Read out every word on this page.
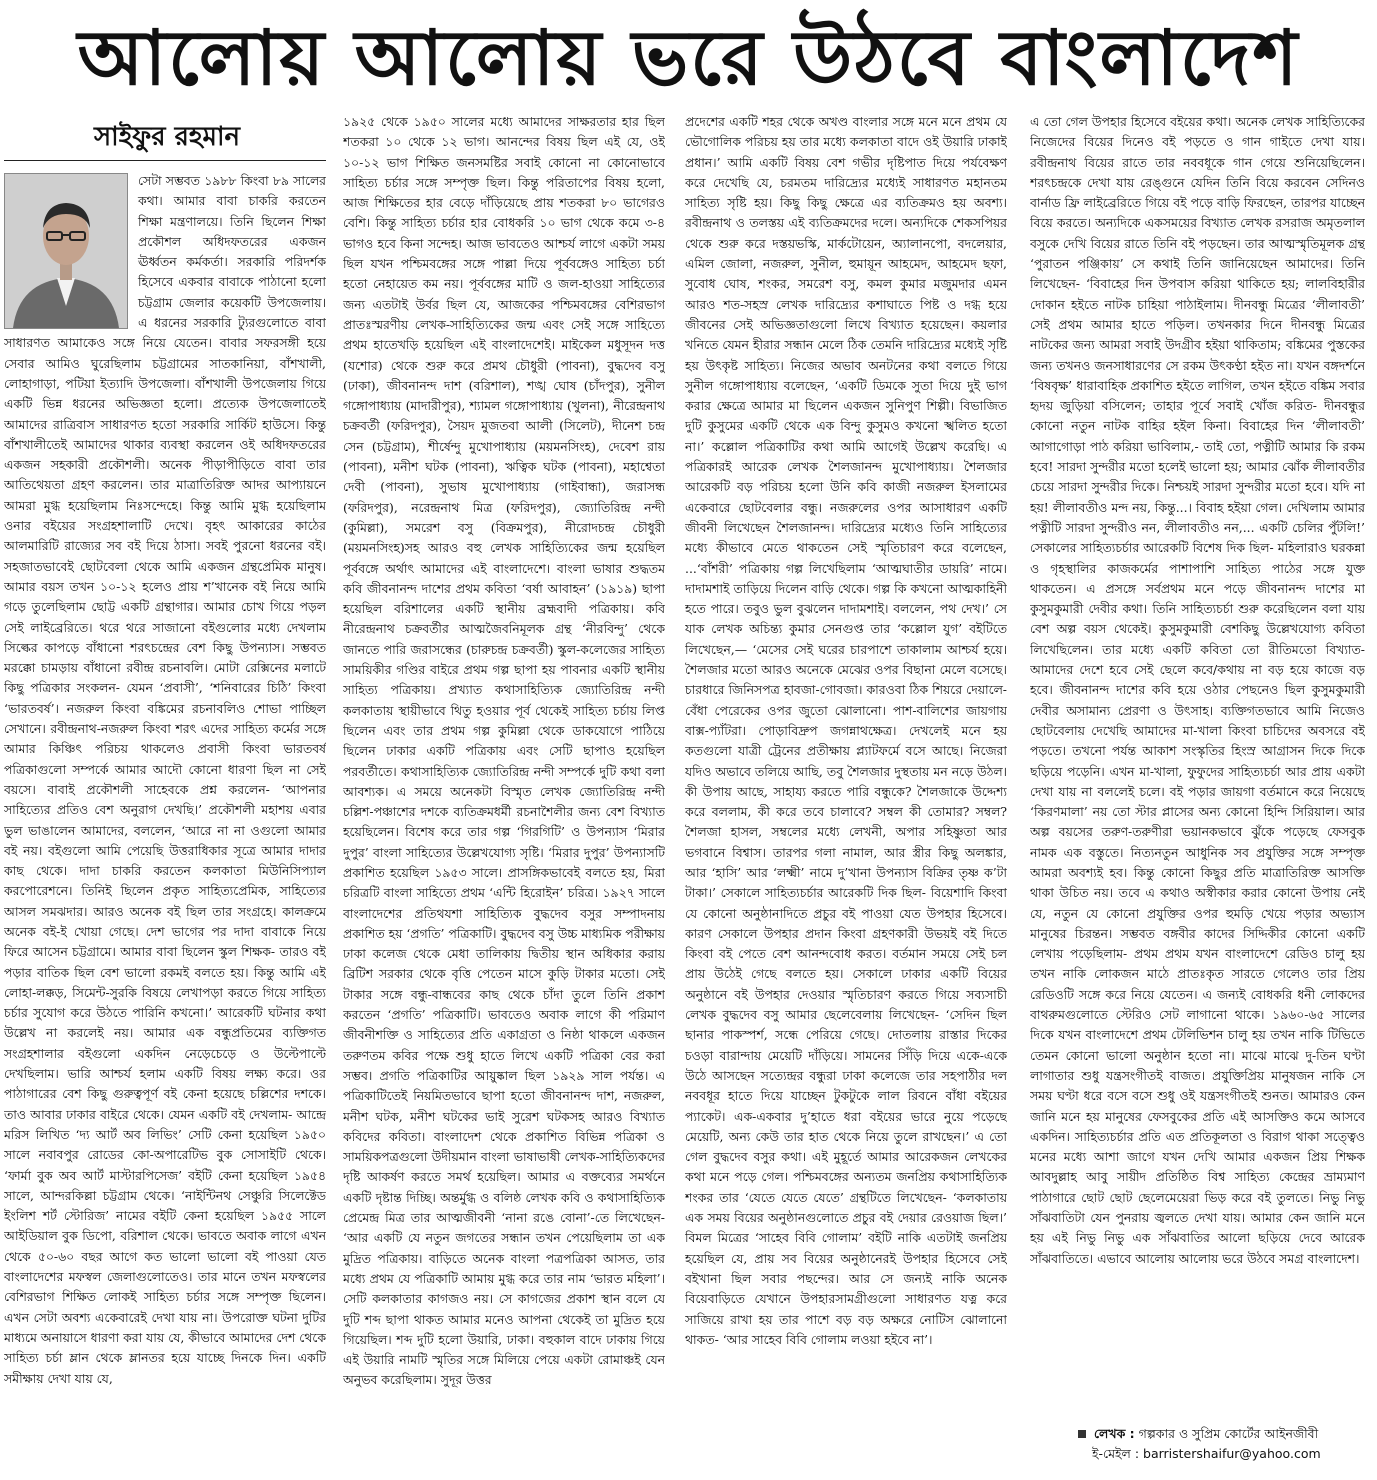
আলোয় আলোয় ভরে উঠবে বাংলাদেশ
সাইফুর রহমান

সেটা সম্ভবত ১৯৮৮ কিংবা ৮৯ সালের কথা। আমার বাবা চাকরি করতেন শিক্ষা মন্ত্রণালয়ে। তিনি ছিলেন শিক্ষা প্রকৌশল অধিদফতরের একজন ঊর্ধ্বতন কর্মকর্তা। সরকারি পরিদর্শক হিসেবে একবার বাবাকে পাঠানো হলো চট্টগ্রাম জেলার কয়েকটি উপজেলায়। এ ধরনের সরকারি ট্যুরগুলোতে বাবা সাধারণত আমাকেও সঙ্গে নিয়ে যেতেন। বাবার সফরসঙ্গী হয়ে সেবার আমিও ঘুরেছিলাম চট্টগ্রামের সাতকানিয়া, বাঁশখালী, লোহাগাড়া, পটিয়া ইত্যাদি উপজেলা। বাঁশখালী উপজেলায় গিয়ে একটি ভিন্ন ধরনের অভিজ্ঞতা হলো। প্রত্যেক উপজেলাতেই আমাদের রাত্রিবাস সাধারণত হতো সরকারি সার্কিট হাউসে। কিন্তু বাঁশখালীতেই আমাদের থাকার ব্যবস্থা করলেন ওই অধিদফতরের একজন সহকারী প্রকৌশলী। অনেক পীড়াপীড়িতে বাবা তার আতিথেয়তা গ্রহণ করলেন। তার মাত্রাতিরিক্ত আদর আপ্যায়নে আমরা মুগ্ধ হয়েছিলাম নিঃসন্দেহে। কিন্তু আমি মুগ্ধ হয়েছিলাম ওনার বইয়ের সংগ্রহশালাটি দেখে। বৃহৎ আকারের কাঠের আলমারিটি রাজ্যের সব বই দিয়ে ঠাসা। সবই পুরনো ধরনের বই। সহজাতভাবেই ছোটবেলা থেকে আমি একজন গ্রন্থপ্রেমিক মানুষ। আমার বয়স তখন ১০-১২ হলেও প্রায় শ’খানেক বই নিয়ে আমি গড়ে তুলেছিলাম ছোট্ট একটি গ্রন্থাগার। আমার চোখ গিয়ে পড়ল সেই লাইব্রেরিতে। থরে থরে সাজানো বইগুলোর মধ্যে দেখলাম সিল্কের কাপড়ে বাঁধানো শরৎচন্দ্রের বেশ কিছু উপন্যাস। সম্ভবত মরক্কো চামড়ায় বাঁধানো রবীন্দ্র রচনাবলি। মোটা রেক্সিনের মলাটে কিছু পত্রিকার সংকলন- যেমন ‘প্রবাসী’, ‘শনিবারের চিঠি’ কিংবা ‘ভারতবর্ষ’। নজরুল কিংবা বঙ্কিমের রচনাবলিও শোভা পাচ্ছিল সেখানে। রবীন্দ্রনাথ-নজরুল কিংবা শরৎ এদের সাহিত্য কর্মের সঙ্গে আমার কিঞ্চিৎ পরিচয় থাকলেও প্রবাসী কিংবা ভারতবর্ষ পত্রিকাগুলো সম্পর্কে আমার আদৌ কোনো ধারণা ছিল না সেই বয়সে। বাবাই প্রকৌশলী সাহেবকে প্রশ্ন করলেন- ‘আপনার সাহিত্যের প্রতিও বেশ অনুরাগ দেখছি।’ প্রকৌশলী মহাশয় এবার ভুল ভাঙালেন আমাদের, বললেন, ‘আরে না না ওগুলো আমার বই নয়। বইগুলো আমি পেয়েছি উত্তরাধিকার সূত্রে আমার দাদার কাছ থেকে। দাদা চাকরি করতেন কলকাতা মিউনিসিপ্যাল করপোরেশনে। তিনিই ছিলেন প্রকৃত সাহিত্যপ্রেমিক, সাহিত্যের আসল সমঝদার। আরও অনেক বই ছিল তার সংগ্রহে। কালক্রমে অনেক বই-ই খোয়া গেছে। দেশ ভাগের পর দাদা বাবাকে নিয়ে ফিরে আসেন চট্টগ্রামে। আমার বাবা ছিলেন স্কুল শিক্ষক- তারও বই পড়ার বাতিক ছিল বেশ ভালো রকমই বলতে হয়। কিন্তু আমি এই লোহা-লক্কড়, সিমেন্ট-সুরকি বিষয়ে লেখাপড়া করতে গিয়ে সাহিত্য চর্চার সুযোগ করে উঠতে পারিনি কখনো।’ আরেকটি ঘটনার কথা উল্লেখ না করলেই নয়। আমার এক বন্ধুপ্রতিমের ব্যক্তিগত সংগ্রহশালার বইগুলো একদিন নেড়েচেড়ে ও উল্টেপাল্টে দেখছিলাম। ভারি আশ্চর্য হলাম একটি বিষয় লক্ষ্য করে। ওর পাঠাগারের বেশ কিছু গুরুত্বপূর্ণ বই কেনা হয়েছে চল্লিশের দশকে। তাও আবার ঢাকার বাইরে থেকে। যেমন একটি বই দেখলাম- আন্দ্রে মরিস লিখিত ‘দ্য আর্ট অব লিভিং’ সেটি কেনা হয়েছিল ১৯৫০ সালে নবাবপুর রোডের কো-অপারেটিভ বুক সোসাইটি থেকে। ‘ফার্মা বুক অব আর্ট মাস্টারপিসেজ’ বইটি কেনা হয়েছিল ১৯৫৪ সালে, আন্দরকিল্লা চট্টগ্রাম থেকে। ‘নাইন্টিনথ সেঞ্চুরি সিলেক্টেড ইংলিশ শর্ট স্টোরিজ’ নামের বইটি কেনা হয়েছিল ১৯৫৫ সালে আইডিয়াল বুক ডিপো, বরিশাল থেকে। ভাবতে অবাক লাগে এখন থেকে ৫০-৬০ বছর আগে কত ভালো ভালো বই পাওয়া যেত বাংলাদেশের মফস্বল জেলাগুলোতেও। তার মানে তখন মফস্বলের বেশিরভাগ শিক্ষিত লোকই সাহিত্য চর্চার সঙ্গে সম্পৃক্ত ছিলেন। এখন সেটা অবশ্য একেবারেই দেখা যায় না। উপরোক্ত ঘটনা দুটির মাধ্যমে অনায়াসে ধারণা করা যায় যে, কীভাবে আমাদের দেশ থেকে সাহিত্য চর্চা ম্লান থেকে ম্লানতর হয়ে যাচ্ছে দিনকে দিন। একটি সমীক্ষায় দেখা যায় যে,

১৯২৫ থেকে ১৯৫০ সালের মধ্যে আমাদের সাক্ষরতার হার ছিল শতকরা ১০ থেকে ১২ ভাগ। আনন্দের বিষয় ছিল এই যে, ওই ১০-১২ ভাগ শিক্ষিত জনসমষ্টির সবাই কোনো না কোনোভাবে সাহিত্য চর্চার সঙ্গে সম্পৃক্ত ছিল। কিন্তু পরিতাপের বিষয় হলো, আজ শিক্ষিতের হার বেড়ে দাঁড়িয়েছে প্রায় শতকরা ৮০ ভাগেরও বেশি। কিন্তু সাহিত্য চর্চার হার বোধকরি ১০ ভাগ থেকে কমে ৩-৪ ভাগও হবে কিনা সন্দেহ। আজ ভাবতেও আশ্চর্য লাগে একটা সময় ছিল যখন পশ্চিমবঙ্গের সঙ্গে পাল্লা দিয়ে পূর্ববঙ্গেও সাহিত্য চর্চা হতো নেহায়েত কম নয়। পূর্ববঙ্গের মাটি ও জল-হাওয়া সাহিত্যের জন্য এতটাই উর্বর ছিল যে, আজকের পশ্চিমবঙ্গের বেশিরভাগ প্রাতঃস্মরণীয় লেখক-সাহিত্যিকের জন্ম এবং সেই সঙ্গে সাহিত্যে প্রথম হাতেখড়ি হয়েছিল এই বাংলাদেশেই। মাইকেল মধুসূদন দত্ত (যশোর) থেকে শুরু করে প্রমথ চৌধুরী (পাবনা), বুদ্ধদেব বসু (ঢাকা), জীবনানন্দ দাশ (বরিশাল), শঙ্খ ঘোষ (চাঁদপুর), সুনীল গঙ্গোপাধ্যায় (মাদারীপুর), শ্যামল গঙ্গোপাধ্যায় (খুলনা), নীরেন্দ্রনাথ চক্রবর্তী (ফরিদপুর), সৈয়দ মুজতবা আলী (সিলেট), দীনেশ চন্দ্র সেন (চট্টগ্রাম), শীর্ষেন্দু মুখোপাধ্যায় (ময়মনসিংহ), দেবেশ রায় (পাবনা), মনীশ ঘটক (পাবনা), ঋত্বিক ঘটক (পাবনা), মহাশ্বেতা দেবী (পাবনা), সুভাষ মুখোপাধ্যায় (গাইবান্ধা), জরাসন্ধ (ফরিদপুর), নরেন্দ্রনাথ মিত্র (ফরিদপুর), জ্যোতিরিন্দ্র নন্দী (কুমিল্লা), সমরেশ বসু (বিক্রমপুর), নীরোদচন্দ্র চৌধুরী (ময়মনসিংহ)সহ আরও বহু লেখক সাহিত্যিকের জন্ম হয়েছিল পূর্ববঙ্গে অর্থাৎ আমাদের এই বাংলাদেশে। বাংলা ভাষার শুদ্ধতম কবি জীবনানন্দ দাশের প্রথম কবিতা ‘বর্ষা আবাহন’ (১৯১৯) ছাপা হয়েছিল বরিশালের একটি স্থানীয় ব্রহ্মবাদী পত্রিকায়। কবি নীরেন্দ্রনাথ চক্রবর্তীর আত্মজৈবনিমূলক গ্রন্থ ‘নীরবিন্দু’ থেকে জানতে পারি জরাসন্ধের (চারুচন্দ্র চক্রবর্তী) স্কুল-কলেজের সাহিত্য সাময়িকীর গণ্ডির বাইরে প্রথম গল্প ছাপা হয় পাবনার একটি স্থানীয় সাহিত্য পত্রিকায়। প্রখ্যাত কথাসাহিত্যিক জ্যোতিরিন্দ্র নন্দী কলকাতায় স্থায়ীভাবে থিতু হওয়ার পূর্ব থেকেই সাহিত্য চর্চায় লিপ্ত ছিলেন এবং তার প্রথম গল্প কুমিল্লা থেকে ডাকযোগে পাঠিয়ে ছিলেন ঢাকার একটি পত্রিকায় এবং সেটি ছাপাও হয়েছিল পরবর্তীতে। কথাসাহিত্যিক জ্যোতিরিন্দ্র নন্দী সম্পর্কে দুটি কথা বলা আবশ্যক। এ সময়ে অনেকটা বিস্মৃত লেখক জ্যোতিরিন্দ্র নন্দী চল্লিশ-পঞ্চাশের দশকে ব্যতিক্রমধর্মী রচনাশৈলীর জন্য বেশ বিখ্যাত হয়েছিলেন। বিশেষ করে তার গল্প ‘গিরগিটি’ ও উপন্যাস ‘মিরার দুপুর’ বাংলা সাহিত্যের উল্লেখযোগ্য সৃষ্টি। ‘মিরার দুপুর’ উপন্যাসটি প্রকাশিত হয়েছিল ১৯৫৩ সালে। প্রাসঙ্গিকভাবেই বলতে হয়, মিরা চরিত্রটি বাংলা সাহিত্যে প্রথম ‘এন্টি হিরোইন’ চরিত্র। ১৯২৭ সালে বাংলাদেশের প্রতিথযশা সাহিত্যিক বুদ্ধদেব বসুর সম্পাদনায় প্রকাশিত হয় ‘প্রগতি’ পত্রিকাটি। বুদ্ধদেব বসু উচ্চ মাধ্যমিক পরীক্ষায় ঢাকা কলেজ থেকে মেধা তালিকায় দ্বিতীয় স্থান অধিকার করায় ব্রিটিশ সরকার থেকে বৃত্তি পেতেন মাসে কুড়ি টাকার মতো। সেই টাকার সঙ্গে বন্ধু-বান্ধবের কাছ থেকে চাঁদা তুলে তিনি প্রকাশ করতেন ‘প্রগতি’ পত্রিকাটি। ভাবতেও অবাক লাগে কী পরিমাণ জীবনীশক্তি ও সাহিত্যের প্রতি একাগ্রতা ও নিষ্ঠা থাকলে একজন তরুণতম কবির পক্ষে শুধু হাতে লিখে একটি পত্রিকা বের করা সম্ভব। প্রগতি পত্রিকাটির আয়ুষ্কাল ছিল ১৯২৯ সাল পর্যন্ত। এ পত্রিকাটিতেই নিয়মিতভাবে ছাপা হতো জীবনানন্দ দাশ, নজরুল, মনীশ ঘটক, মনীশ ঘটকের ভাই সুরেশ ঘটকসহ আরও বিখ্যাত কবিদের কবিতা। বাংলাদেশ থেকে প্রকাশিত বিভিন্ন পত্রিকা ও সাময়িকপত্রগুলো উদীয়মান বাংলা ভাষাভাষী লেখক-সাহিত্যিকদের দৃষ্টি আকর্ষণ করতে সমর্থ হয়েছিল। আমার এ বক্তব্যের সমর্থনে একটি দৃষ্টান্ত দিচ্ছি। অন্তর্মুগ্ধ ও বলিষ্ঠ লেখক কবি ও কথাসাহিত্যিক প্রেমেন্দ্র মিত্র তার আত্মজীবনী ‘নানা রঙে বোনা’-তে লিখেছেন- ‘আর একটি যে নতুন জগতের সন্ধান তখন পেয়েছিলাম তা এক মুদ্রিত পত্রিকায়। বাড়িতে অনেক বাংলা পত্রপত্রিকা আসত, তার মধ্যে প্রথম যে পত্রিকাটি আমায় মুগ্ধ করে তার নাম ‘ভারত মহিলা’। সেটি কলকাতার কাগজও নয়। সে কাগজের প্রকাশ স্থান বলে যে দুটি শব্দ ছাপা থাকত আমার মনেও আপনা থেকেই তা মুদ্রিত হয়ে গিয়েছিল। শব্দ দুটি হলো উয়ারি, ঢাকা। বহুকাল বাদে ঢাকায় গিয়ে এই উয়ারি নামটি স্মৃতির সঙ্গে মিলিয়ে পেয়ে একটা রোমাঞ্চই যেন অনুভব করেছিলাম। সুদূর উত্তর

প্রদেশের একটি শহর থেকে অখণ্ড বাংলার সঙ্গে মনে মনে প্রথম যে ভৌগোলিক পরিচয় হয় তার মধ্যে কলকাতা বাদে ওই উয়ারি ঢাকাই প্রধান।’ আমি একটি বিষয় বেশ গভীর দৃষ্টিপাত দিয়ে পর্যবেক্ষণ করে দেখেছি যে, চরমতম দারিদ্র্যের মধ্যেই সাধারণত মহানতম সাহিত্য সৃষ্টি হয়। কিছু কিছু ক্ষেত্রে এর ব্যতিক্রমও হয় অবশ্য। রবীন্দ্রনাথ ও তলস্তয় এই ব্যতিক্রমদের দলে। অন্যদিকে শেকসপিয়র থেকে শুরু করে দস্তয়ভস্কি, মার্কটোয়েন, অ্যালানপো, বদলেয়ার, এমিল জোলা, নজরুল, সুনীল, হুমায়ূন আহমেদ, আহমেদ ছফা, সুবোধ ঘোষ, শংকর, সমরেশ বসু, কমল কুমার মজুমদার এমন আরও শত-সহস্র লেখক দারিদ্র্যের কশাঘাতে পিষ্ট ও দগ্ধ হয়ে জীবনের সেই অভিজ্ঞতাগুলো লিখে বিখ্যাত হয়েছেন। কয়লার খনিতে যেমন হীরার সন্ধান মেলে ঠিক তেমনি দারিদ্র্যের মধ্যেই সৃষ্টি হয় উৎকৃষ্ট সাহিত্য। নিজের অভাব অনটনের কথা বলতে গিয়ে সুনীল গঙ্গোপাধ্যায় বলেছেন, ‘একটি ডিমকে সুতা দিয়ে দুই ভাগ করার ক্ষেত্রে আমার মা ছিলেন একজন সুনিপুণ শিল্পী। বিভাজিত দুটি কুসুমের একটি থেকে এক বিন্দু কুসুমও কখনো স্খলিত হতো না।’ কল্লোল পত্রিকাটির কথা আমি আগেই উল্লেখ করেছি। এ পত্রিকারই আরেক লেখক শৈলজানন্দ মুখোপাধ্যায়। শৈলজার আরেকটি বড় পরিচয় হলো উনি কবি কাজী নজরুল ইসলামের একেবারে ছোটবেলার বন্ধু। নজরুলের ওপর আসাধারণ একটি জীবনী লিখেছেন শৈলজানন্দ। দারিদ্র্যের মধ্যেও তিনি সাহিত্যের মধ্যে কীভাবে মেতে থাকতেন সেই স্মৃতিচারণ করে বলেছেন, ...‘বাঁশরী’ পত্রিকায় গল্প লিখেছিলাম ‘আত্মঘাতীর ডায়রি’ নামে। দাদামশাই তাড়িয়ে দিলেন বাড়ি থেকে। গল্প কি কখনো আত্মকাহিনী হতে পারে। তবুও ভুল বুঝলেন দাদামশাই। বললেন, পথ দেখ।’ সে যাক লেখক অচিন্ত্য কুমার সেনগুপ্ত তার ‘কল্লোল যুগ’ বইটিতে লিখেছেন,— ‘মেসের সেই ঘরের চারপাশে তাকালাম আশ্চর্য হয়ে। শৈলজার মতো আরও অনেকে মেঝের ওপর বিছানা মেলে বসেছে। চারধারে জিনিসপত্র হাবজা-গোবজা। কারওবা ঠিক শিয়রে দেয়ালে-বেঁধা পেরেকের ওপর জুতো ঝোলানো। পাশ-বালিশের জায়গায় বাক্স-প্যাঁটরা। পোড়াবিদ্রুপ জগন্নাথক্ষেত্র। দেখলেই মনে হয় কতগুলো যাত্রী ট্রেনের প্রতীক্ষায় প্ল্যাটফর্মে বসে আছে। নিজেরা যদিও অভাবে তলিয়ে আছি, তবু শৈলজার দুস্থতায় মন নড়ে উঠল। কী উপায় আছে, সাহায্য করতে পারি বন্ধুকে? শৈলজাকে উদ্দেশ্য করে বললাম, কী করে তবে চালাবে? সম্বল কী তোমার? সম্বল? শৈলজা হাসল, সম্বলের মধ্যে লেখনী, অপার সহিষ্ণুতা আর ভগবানে বিশ্বাস। তারপর গলা নামাল, আর স্ত্রীর কিছু অলঙ্কার, আর ‘হাসি’ আর ‘লক্ষ্মী’ নামে দু’খানা উপন্যাস বিক্রির তৃষ্ণ ক’টা টাকা।’ সেকালে সাহিত্যচর্চার আরেকটি দিক ছিল- বিয়েশাদি কিংবা যে কোনো অনুষ্ঠানাদিতে প্রচুর বই পাওয়া যেত উপহার হিসেবে। কারণ সেকালে উপহার প্রদান কিংবা গ্রহণকারী উভয়ই বই দিতে কিংবা বই পেতে বেশ আনন্দবোধ করত। বর্তমান সময়ে সেই চল প্রায় উঠেই গেছে বলতে হয়। সেকালে ঢাকার একটি বিয়ের অনুষ্ঠানে বই উপহার দেওয়ার স্মৃতিচারণ করতে গিয়ে সব্যসাচী লেখক বুদ্ধদেব বসু আমার ছেলেবেলায় লিখেছেন- ‘সেদিন ছিল ছানার পাকস্পর্শ, সন্ধে পেরিয়ে গেছে। দোতলায় রাস্তার দিকের চওড়া বারান্দায় মেয়েটি দাঁড়িয়ে। সামনের সিঁড়ি দিয়ে একে-একে উঠে আসছেন সত্যেন্দ্রর বন্ধুরা ঢাকা কলেজে তার সহপাঠীর দল নববধূর হাতে দিয়ে যাচ্ছেন টুকটুকে লাল রিবনে বাঁধা বইয়ের প্যাকেট। এক-একবার দু’হাতে ধরা বইয়ের ভারে নুয়ে পড়েছে মেয়েটি, অন্য কেউ তার হাত থেকে নিয়ে তুলে রাখছেন।’ এ তো গেল বুদ্ধদেব বসুর কথা। এই মুহূর্তে আমার আরেকজন লেখকের কথা মনে পড়ে গেল। পশ্চিমবঙ্গের অন্যতম জনপ্রিয় কথাসাহিত্যিক শংকর তার ‘যেতে যেতে যেতে’ গ্রন্থটিতে লিখেছেন- ‘কলকাতায় এক সময় বিয়ের অনুষ্ঠানগুলোতে প্রচুর বই দেয়ার রেওয়াজ ছিল।’ বিমল মিত্রের ‘সাহেব বিবি গোলাম’ বইটি নাকি এতটাই জনপ্রিয় হয়েছিল যে, প্রায় সব বিয়ের অনুষ্ঠানেরই উপহার হিসেবে সেই বইখানা ছিল সবার পছন্দের। আর সে জন্যই নাকি অনেক বিয়েবাড়িতে যেখানে উপহারসামগ্রীগুলো সাধারণত যত্ন করে সাজিয়ে রাখা হয় তার পাশে বড় বড় অক্ষরে নোটিস ঝোলানো থাকত- ‘আর সাহেব বিবি গোলাম লওয়া হইবে না’।

এ তো গেল উপহার হিসেবে বইয়ের কথা। অনেক লেখক সাহিত্যিকের নিজেদের বিয়ের দিনেও বই পড়তে ও গান গাইতে দেখা যায়। রবীন্দ্রনাথ বিয়ের রাতে তার নববধূকে গান গেয়ে শুনিয়েছিলেন। শরৎচন্দ্রকে দেখা যায় রেঙ্গুনে যেদিন তিনি বিয়ে করবেন সেদিনও বার্নাড ফ্রি লাইব্রেরিতে গিয়ে বই পড়ে বাড়ি ফিরছেন, তারপর যাচ্ছেন বিয়ে করতে। অন্যদিকে একসময়ের বিখ্যাত লেখক রসরাজ অমৃতলাল বসুকে দেখি বিয়ের রাতে তিনি বই পড়ছেন। তার আত্মস্মৃতিমূলক গ্রন্থ ‘পুরাতন পঞ্জিকায়’ সে কথাই তিনি জানিয়েছেন আমাদের। তিনি লিখেছেন- ‘বিবাহের দিন উপবাস করিয়া থাকিতে হয়; লালবিহারীর দোকান হইতে নাটক চাহিয়া পাঠাইলাম। দীনবন্ধু মিত্রের ‘লীলাবতী’ সেই প্রথম আমার হাতে পড়িল। তখনকার দিনে দীনবন্ধু মিত্রের নাটকের জন্য আমরা সবাই উদগ্রীব হইয়া থাকিতাম; বঙ্কিমের পুস্তকের জন্য তখনও জনসাধারণের সে রকম উৎকণ্ঠা হইত না। যখন বঙ্গদর্শনে ‘বিষবৃক্ষ’ ধারাবাহিক প্রকাশিত হইতে লাগিল, তখন হইতে বঙ্কিম সবার হৃদয় জুড়িয়া বসিলেন; তাহার পূর্বে সবাই খোঁজ করিত- দীনবন্ধুর কোনো নতুন নাটক বাহির হইল কিনা। বিবাহের দিন ‘লীলাবতী’ আগাগোড়া পাঠ করিয়া ভাবিলাম,- তাই তো, পত্নীটি আমার কি রকম হবে! সারদা সুন্দরীর মতো হলেই ভালো হয়; আমার ঝোঁক লীলাবতীর চেয়ে সারদা সুন্দরীর দিকে। নিশ্চয়ই সারদা সুন্দরীর মতো হবে। যদি না হয়! লীলাবতীও মন্দ নয়, কিন্তু...। বিবাহ হইয়া গেল। দেখিলাম আমার পত্নীটি সারদা সুন্দরীও নন, লীলাবতীও নন,... একটি চেলির পুঁটলি!’ সেকালের সাহিত্যচর্চার আরেকটি বিশেষ দিক ছিল- মহিলারাও ঘরকন্না ও গৃহস্থালির কাজকর্মের পাশাপাশি সাহিত্য পাঠের সঙ্গে যুক্ত থাকতেন। এ প্রসঙ্গে সর্বপ্রথম মনে পড়ে জীবনানন্দ দাশের মা কুসুমকুমারী দেবীর কথা। তিনি সাহিত্যচর্চা শুরু করেছিলেন বলা যায় বেশ অল্প বয়স থেকেই। কুসুমকুমারী বেশকিছু উল্লেখযোগ্য কবিতা লিখেছিলেন। তার মধ্যে একটি কবিতা তো রীতিমতো বিখ্যাত- আমাদের দেশে হবে সেই ছেলে কবে/কথায় না বড় হয়ে কাজে বড় হবে। জীবনানন্দ দাশের কবি হয়ে ওঠার পেছনেও ছিল কুসুমকুমারী দেবীর অসামান্য প্রেরণা ও উৎসাহ। ব্যক্তিগতভাবে আমি নিজেও ছোটবেলায় দেখেছি আমাদের মা-খালা কিংবা চাচিদের অবসরে বই পড়তে। তখনো পর্যন্ত আকাশ সংস্কৃতির হিংস্র আগ্রাসন দিকে দিকে ছড়িয়ে পড়েনি। এখন মা-খালা, ফুফুদের সাহিত্যচর্চা আর প্রায় একটা দেখা যায় না বললেই চলে। বই পড়ার জায়গা বর্তমানে করে নিয়েছে ‘কিরণমালা’ নয় তো স্টার প্লাসের অন্য কোনো হিন্দি সিরিয়াল। আর অল্প বয়সের তরুণ-তরুণীরা ভয়ানকভাবে ঝুঁকে পড়েছে ফেসবুক নামক এক বস্তুতে। নিত্যনতুন আধুনিক সব প্রযুক্তির সঙ্গে সম্পৃক্ত আমরা অবশ্যই হব। কিন্তু কোনো কিছুর প্রতি মাত্রাতিরিক্ত আসক্তি থাকা উচিত নয়। তবে এ কথাও অস্বীকার করার কোনো উপায় নেই যে, নতুন যে কোনো প্রযুক্তির ওপর হুমড়ি খেয়ে পড়ার অভ্যাস মানুষের চিরন্তন। সম্ভবত বঙ্গবীর কাদের সিদ্দিকীর কোনো একটি লেখায় পড়েছিলাম- প্রথম প্রথম যখন বাংলাদেশে রেডিও চালু হয় তখন নাকি লোকজন মাঠে প্রাতঃকৃত সারতে গেলেও তার প্রিয় রেডিওটি সঙ্গে করে নিয়ে যেতেন। এ জন্যই বোধকরি ধনী লোকদের বাথরুমগুলোতে স্টেরিও সেট লাগানো থাকে। ১৯৬০-৬৫ সালের দিকে যখন বাংলাদেশে প্রথম টেলিভিশন চালু হয় তখন নাকি টিভিতে তেমন কোনো ভালো অনুষ্ঠান হতো না। মাঝে মাঝে দু-তিন ঘণ্টা লাগাতার শুধু যন্ত্রসংগীতই বাজত। প্রযুক্তিপ্রিয় মানুষজন নাকি সে সময় ঘণ্টা ধরে বসে বসে শুধু ওই যন্ত্রসংগীতই শুনত। আমারও কেন জানি মনে হয় মানুষের ফেসবুকের প্রতি এই আসক্তিও কমে আসবে একদিন। সাহিত্যচর্চার প্রতি এত প্রতিকূলতা ও বিরাগ থাকা সত্ত্বেও মনের মধ্যে আশা জাগে যখন দেখি আমার একজন প্রিয় শিক্ষক আবদুল্লাহ আবু সায়ীদ প্রতিষ্ঠিত বিশ্ব সাহিত্য কেন্দ্রের ভ্রাম্যমাণ পাঠাগারে ছোট ছোট ছেলেমেয়েরা ভিড় করে বই তুলতে। নিভু নিভু সাঁঝবাতিটা যেন পুনরায় জ্বলতে দেখা যায়। আমার কেন জানি মনে হয় এই নিভু নিভু এক সাঁঝবাতির আলো ছড়িয়ে দেবে আরেক সাঁঝবাতিতে। এভাবে আলোয় আলোয় ভরে উঠবে সমগ্র বাংলাদেশ।

লেখক : গল্পকার ও সুপ্রিম কোর্টের আইনজীবী
ই-মেইল : barristershaifur@yahoo.com
